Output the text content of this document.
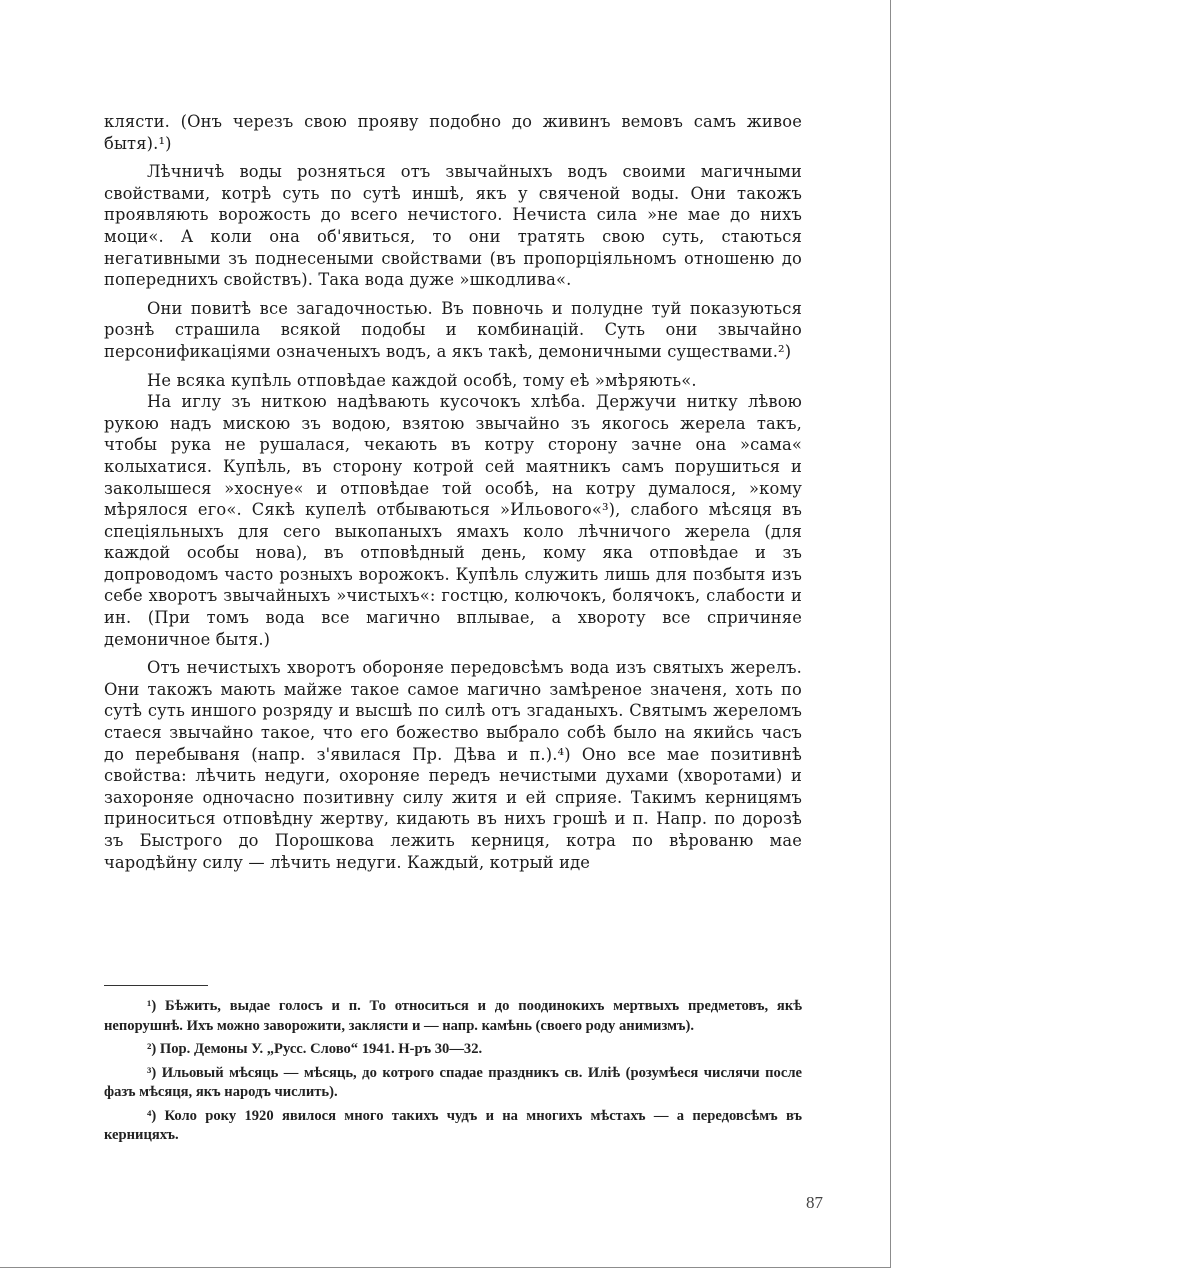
клясти. (Онъ черезъ свою прояву подобно до живинъ вемовъ самъ живое бытя).¹)

Лѣчничѣ воды розняться отъ звычайныхъ водъ своими магичными свойствами, котрѣ суть по сутѣ иншѣ, якъ у свяченой воды. Они такожъ проявляють ворожость до всего нечистого. Нечиста сила »не мае до нихъ моци«. А коли она об'явиться, то они тратять свою суть, стаються негативными зъ поднесеными свойствами (въ пропорціяльномъ отношеню до попереднихъ свойствъ). Така вода дуже »шкодлива«.

Они повитѣ все загадочностью. Въ повночь и полудне туй показуються рознѣ страшила всякой подобы и комбинацій. Суть они звычайно персонификаціями означеныхъ водъ, а якъ такѣ, демоничными существами.²)

Не всяка купѣль отповѣдае каждой особѣ, тому еѣ »мѣряють«.

На иглу зъ ниткою надѣвають кусочокъ хлѣба. Держучи нитку лѣвою рукою надъ мискою зъ водою, взятою звычайно зъ якогось жерела такъ, чтобы рука не рушалася, чекають въ котру сторону зачне она »сама« колыхатися. Купѣль, въ сторону котрой сей маятникъ самъ порушиться и заколышеся »хоснуе« и отповѣдае той особѣ, на котру думалося, »кому мѣрялося его«. Сякѣ купелѣ отбываються »Ильового«³), слабого мѣсяця въ спеціяльныхъ для сего выкопаныхъ ямахъ коло лѣчничого жерела (для каждой особы нова), въ отповѣдный день, кому яка отповѣдае и зъ допроводомъ часто розныхъ ворожокъ. Купѣль служить лишь для позбытя изъ себе хворотъ звычайныхъ »чистыхъ«: гостцю, колючокъ, болячокъ, слабости и ин. (При томъ вода все магично вплывае, а хвороту все спричиняе демоничное бытя.)

Отъ нечистыхъ хворотъ обороняе передовсѣмъ вода изъ святыхъ жерелъ. Они такожъ мають майже такое самое магично замѣреное значеня, хоть по сутѣ суть иншого розряду и высшѣ по силѣ отъ згаданыхъ. Святымъ жереломъ стаеся звычайно такое, что его божество выбрало собѣ было на якийсь часъ до перебываня (напр. з'явилася Пр. Дѣва и п.).⁴) Оно все мае позитивнѣ свойства: лѣчить недуги, охороняе передъ нечистыми духами (хворотами) и захороняе одночасно позитивну силу житя и ей сприяе. Такимъ керницямъ приноситься отповѣдну жертву, кидають въ нихъ грошѣ и п. Напр. по дорозѣ зъ Быстрого до Порошкова лежить керниця, котра по вѣрованю мае чародѣйну силу — лѣчить недуги. Каждый, котрый иде

¹) Бѣжить, выдае голосъ и п. То относиться и до поодинокихъ мертвыхъ предметовъ, якѣ непорушнѣ. Ихъ можно заворожити, закляcти и — напр. камѣнь (своего роду анимизмъ).

²) Пор. Демоны У. „Русс. Слово“ 1941. Н-ръ 30—32.

³) Ильовый мѣсяць — мѣсяць, до котрого спадае праздникъ св. Илiѣ (розумѣеся числячи после фазъ мѣсяця, якъ народъ числить).

⁴) Коло року 1920 явилося много такихъ чудъ и на многихъ мѣстахъ — а передовсѣмъ въ керницяхъ.

87
